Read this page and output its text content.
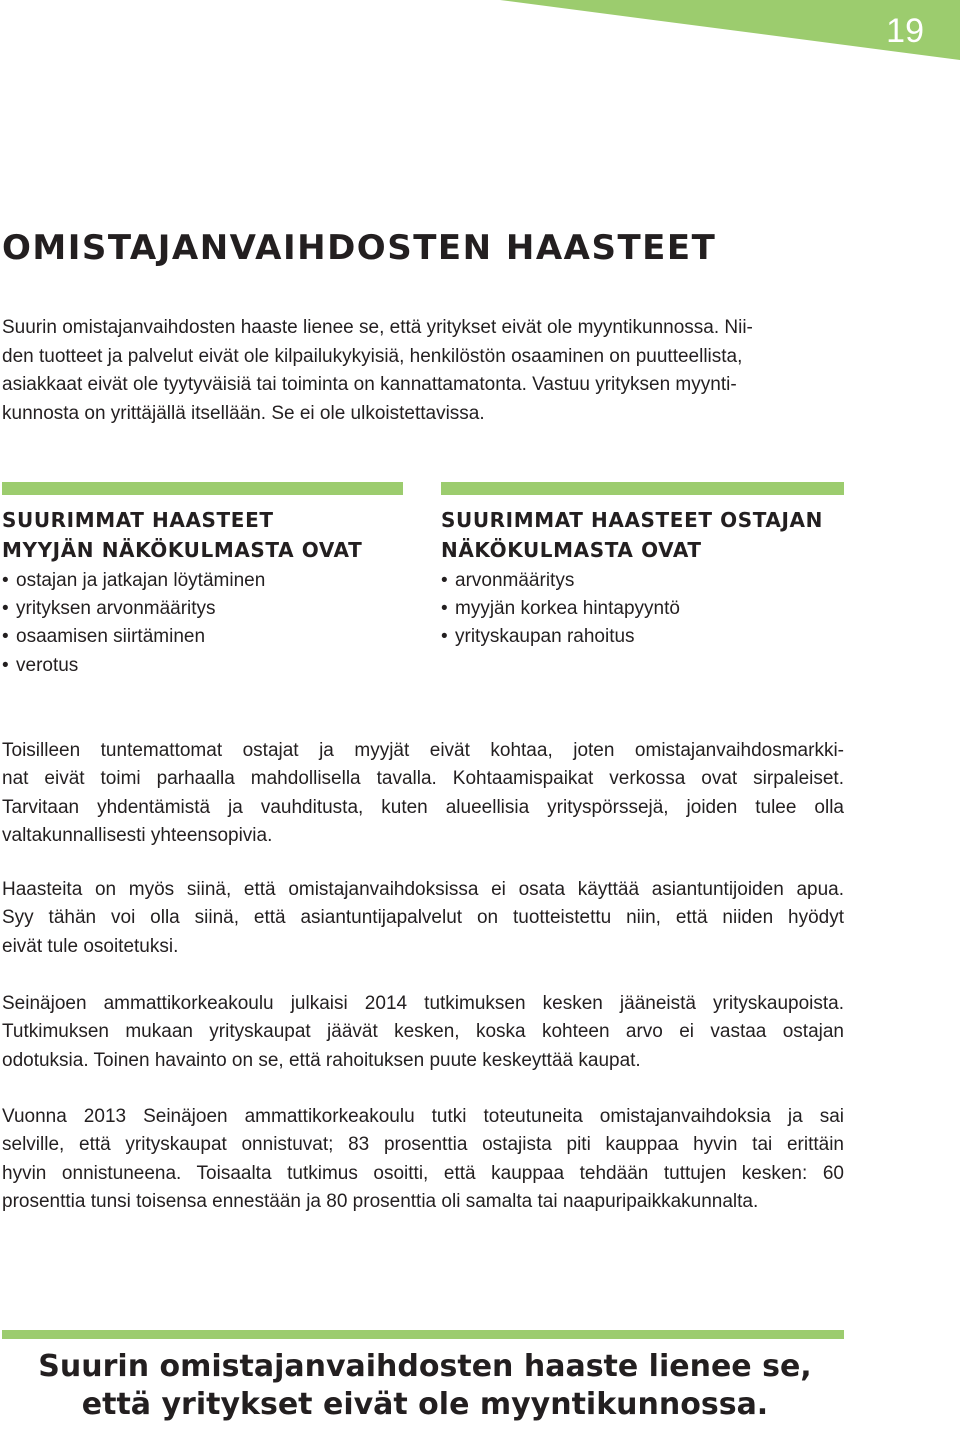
19
OMISTAJANVAIHDOSTEN HAASTEET
Suurin omistajanvaihdosten haaste lienee se, että yritykset eivät ole myyntikunnossa. Nii-
den tuotteet ja palvelut eivät ole kilpailukykyisiä, henkilöstön osaaminen on puutteellista,
asiakkaat eivät ole tyytyväisiä tai toiminta on kannattamatonta. Vastuu yrityksen myynti-
kunnosta on yrittäjällä itsellään. Se ei ole ulkoistettavissa.
SUURIMMAT HAASTEET
MYYJÄN NÄKÖKULMASTA OVAT
• ostajan ja jatkajan löytäminen
• yrityksen arvonmääritys
• osaamisen siirtäminen
• verotus
SUURIMMAT HAASTEET OSTAJAN
NÄKÖKULMASTA OVAT
• arvonmääritys
• myyjän korkea hintapyyntö
• yrityskaupan rahoitus
Toisilleen tuntemattomat ostajat ja myyjät eivät kohtaa, joten omistajanvaihdosmarkki-
nat eivät toimi parhaalla mahdollisella tavalla. Kohtaamispaikat verkossa ovat sirpaleiset.
Tarvitaan yhdentämistä ja vauhditusta, kuten alueellisia yrityspörssejä, joiden tulee olla
valtakunnallisesti yhteensopivia.
Haasteita on myös siinä, että omistajanvaihdoksissa ei osata käyttää asiantuntijoiden apua.
Syy tähän voi olla siinä, että asiantuntijapalvelut on tuotteistettu niin, että niiden hyödyt
eivät tule osoitetuksi.
Seinäjoen ammattikorkeakoulu julkaisi 2014 tutkimuksen kesken jääneistä yrityskaupoista.
Tutkimuksen mukaan yrityskaupat jäävät kesken, koska kohteen arvo ei vastaa ostajan
odotuksia. Toinen havainto on se, että rahoituksen puute keskeyttää kaupat.
Vuonna 2013 Seinäjoen ammattikorkeakoulu tutki toteutuneita omistajanvaihdoksia ja sai
selville, että yrityskaupat onnistuvat; 83 prosenttia ostajista piti kauppaa hyvin tai erittäin
hyvin onnistuneena. Toisaalta tutkimus osoitti, että kauppaa tehdään tuttujen kesken: 60
prosenttia tunsi toisensa ennestään ja 80 prosenttia oli samalta tai naapuripaikkakunnalta.
Suurin omistajanvaihdosten haaste lienee se,
että yritykset eivät ole myyntikunnossa.
